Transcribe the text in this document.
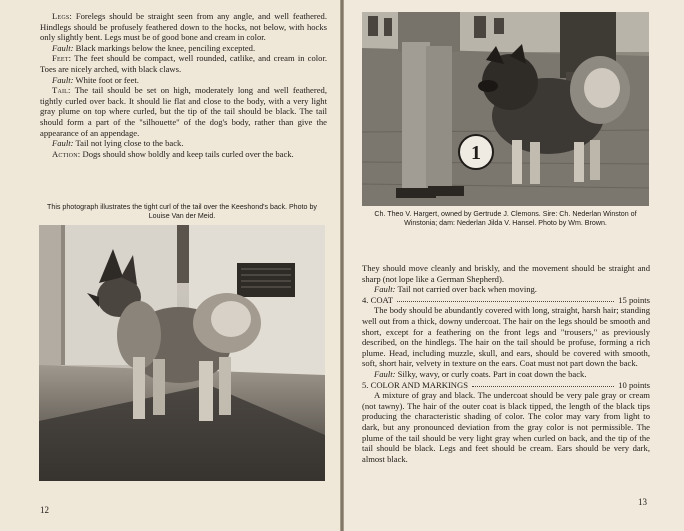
Legs: Forelegs should be straight seen from any angle, and well feathered. Hindlegs should be profusely feathered down to the hocks, not below, with hocks only slightly bent. Legs must be of good bone and cream in color.

Fault: Black markings below the knee, penciling excepted.

Feet: The feet should be compact, well rounded, catlike, and cream in color. Toes are nicely arched, with black claws.

Fault: White foot or feet.

Tail: The tail should be set on high, moderately long and well feathered, tightly curled over back. It should lie flat and close to the body, with a very light gray plume on top where curled, but the tip of the tail should be black. The tail should form a part of the "silhouette" of the dog's body, rather than give the appearance of an appendage.

Fault: Tail not lying close to the back.

Action: Dogs should show boldly and keep tails curled over the back.

This photograph illustrates the tight curl of the tail over the Keeshond's back. Photo by Louise Van der Meid.
12
1
Ch. Theo V. Hargert, owned by Gertrude J. Clemons. Sire: Ch. Nederlan Winston of Winstonia; dam: Nederlan Jilda V. Hansel. Photo by Wm. Brown.

They should move cleanly and briskly, and the movement should be straight and sharp (not lope like a German Shepherd).

Fault: Tail not carried over back when moving.

4. COAT	15 points

The body should be abundantly covered with long, straight, harsh hair; standing well out from a thick, downy undercoat. The hair on the legs should be smooth and short, except for a feathering on the front legs and "trousers," as previously described, on the hindlegs. The hair on the tail should be profuse, forming a rich plume. Head, including muzzle, skull, and ears, should be covered with smooth, soft, short hair, velvety in texture on the ears. Coat must not part down the back.

Fault: Silky, wavy, or curly coats. Part in coat down the back.

5. COLOR AND MARKINGS	10 points

A mixture of gray and black. The undercoat should be very pale gray or cream (not tawny). The hair of the outer coat is black tipped, the length of the black tips producing the characteristic shading of color. The color may vary from light to dark, but any pronounced deviation from the gray color is not permissible. The plume of the tail should be very light gray when curled on back, and the tip of the tail should be black. Legs and feet should be cream. Ears should be very dark, almost black.

13
